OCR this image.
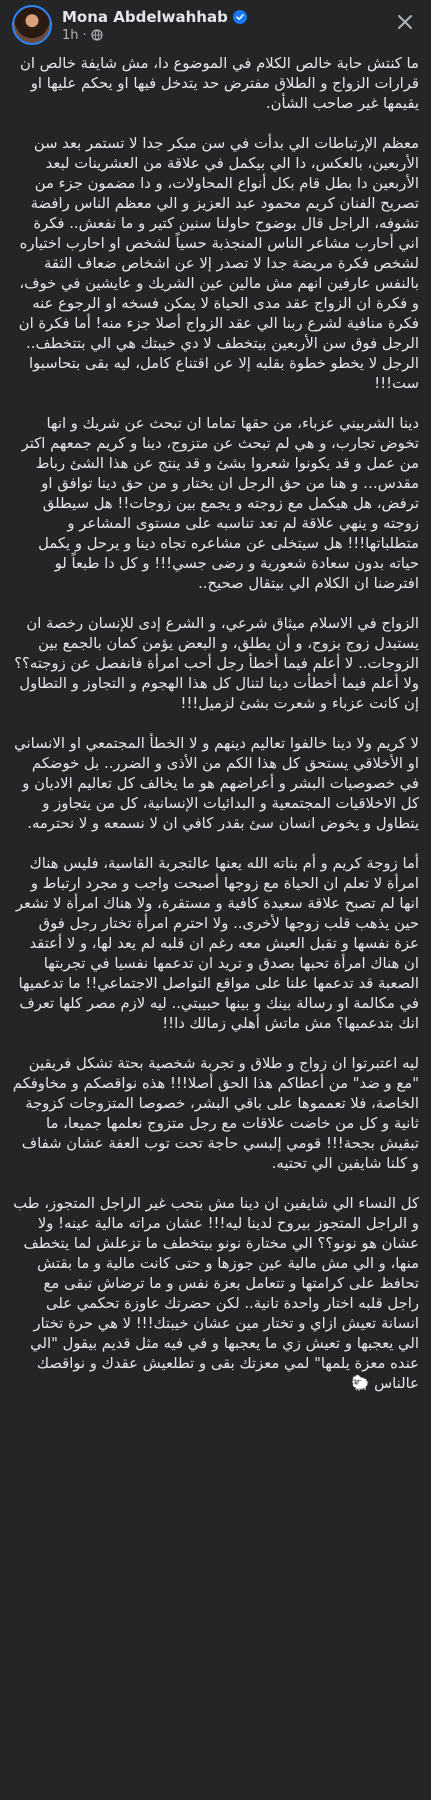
Mona Abdelwahhab
1h ·

ما كنتش حابة خالص الكلام في الموضوع دا، مش شايفة خالص ان قرارات الزواج و الطلاق مفترض حد يتدخل فيها او يحكم عليها او يقيمها غير صاحب الشأن.

معظم الإرتباطات الي بدأت في سن مبكر جدا لا تستمر بعد سن الأربعين، بالعكس، دا الي بيكمل في علاقة من العشرينات لبعد الأربعين دا بطل قام بكل أنواع المحاولات، و دا مضمون جزء من تصريح الفنان كريم محمود عبد العزيز و الي معظم الناس رافضة تشوفه، الراجل قال بوضوح حاولنا سنين كتير و ما نفعش.. فكرة اني أحارب مشاعر الناس المنجذبة حسياً لشخص او احارب اختياره لشخص فكرة مريضة جدا لا تصدر إلا عن اشخاص ضعاف الثقة بالنفس عارفين انهم مش مالين عين الشريك و عايشين في خوف، و فكرة ان الزواج عقد مدى الحياة لا يمكن فسخه او الرجوع عنه فكرة منافية لشرع ربنا الي عقد الزواج أصلا جزء منه! أما فكرة ان الرجل فوق سن الأربعين بيتخطف لا دي خيبتك هي الي بتتخطف.. الرجل لا يخطو خطوة بقلبه إلا عن اقتناع كامل، ليه بقى بتحاسبوا ست!!!

دينا الشربيني عزباء، من حقها تماما ان تبحث عن شريك و انها تخوض تجارب، و هي لم تبحث عن متزوج، دينا و كريم جمعهم اكتر من عمل و قد يكونوا شعروا بشئ و قد ينتج عن هذا الشئ رباط مقدس… و هنا من حق الرجل ان يختار و من حق دينا توافق او ترفض، هل هيكمل مع زوجته و يجمع بين زوجات!! هل سيطلق زوجته و ينهي علاقة لم تعد تناسبه على مستوى المشاعر و متطلباتها!!! هل سيتخلى عن مشاعره تجاه دينا و يرحل و يكمل حياته بدون سعادة شعورية و رضى جسي!!! و كل دا طبعاً لو افترضنا ان الكلام الي بيتقال صحيح..

الزواج في الاسلام ميثاق شرعي، و الشرع إدى للإنسان رخصة ان يستبدل زوج بزوج، و أن يطلق، و البعض يؤمن كمان بالجمع بين الزوجات.. لا أعلم فيما أخطأ رجل أحب امرأة فانفصل عن زوجته؟؟ ولا أعلم فيما أخطأت دينا لتنال كل هذا الهجوم و التجاوز و التطاول إن كانت عزباء و شعرت بشئ لزميل!!!

لا كريم ولا دينا خالفوا تعاليم دينهم و لا الخطأ المجتمعي او الانساني او الأخلاقي يستحق كل هذا الكم من الأذى و الضرر.. بل خوضكم في خصوصيات البشر و أعراضهم هو ما يخالف كل تعاليم الاديان و كل الاخلاقيات المجتمعية و البدائيات الإنسانية، كل من يتجاوز و يتطاول و يخوض انسان سئ بقدر كافي ان لا نسمعه و لا نحترمه.

أما زوجة كريم و أم بناته الله يعنها عالتجربة القاسية، فليس هناك امرأة لا تعلم ان الحياة مع زوجها أصبحت واجب و مجرد ارتباط و انها لم تصبح علاقة سعيدة كافية و مستقرة، ولا هناك امرأة لا تشعر حين يذهب قلب زوجها لأخرى.. ولا احترم امرأة تختار رجل فوق عزة نفسها و تقبل العيش معه رغم ان قلبه لم يعد لها، و لا أعتقد ان هناك امرأة تحبها بصدق و تريد ان تدعمها نفسيا في تجربتها الصعبة قد تدعمها علنا على مواقع التواصل الاجتماعي!! ما تدعميها في مكالمة او رسالة بينك و بينها حبيبتي.. ليه لازم مصر كلها تعرف انك بتدعميها؟ مش ماتش أهلي زمالك دا!!

ليه اعتبرتوا ان زواج و طلاق و تجربة شخصية بحتة تشكل فريقين "مع و ضد" من أعطاكم هذا الحق أصلا!!! هذه نواقصكم و مخاوفكم الخاصة، فلا تعمموها على باقي البشر، خصوصا المتزوجات كزوجة ثانية و كل من خاضت علاقات مع رجل متزوج نعلمها جميعا، ما تبقيش بجحة!!! قومي إلبسي حاجة تحت توب العفة عشان شفاف و كلنا شايفين الي تحتيه.

كل النساء الي شايفين ان دينا مش بتحب غير الراجل المتجوز، طب و الراجل المتجوز بيروح لدينا ليه!!! عشان مراته مالية عينه! ولا عشان هو نونو؟؟ الي مختارة نونو بيتخطف ما تزعلش لما يتخطف منها، و الي مش مالية عين جوزها و حتى كانت مالية و ما بقتش تحافظ على كرامتها و تتعامل بعزة نفس و ما ترضاش تبقى مع راجل قلبه اختار واحدة تانية.. لكن حضرتك عاوزة تحكمي على انسانة تعيش ازاي و تختار مين عشان خيبتك!!! لا هي حرة تختار الي يعجبها و تعيش زي ما يعجبها و في فيه مثل قديم بيقول "الي عنده معزة يلمها" لمي معزتك بقى و تطلعيش عقدك و نواقصك عالناس 🐑
